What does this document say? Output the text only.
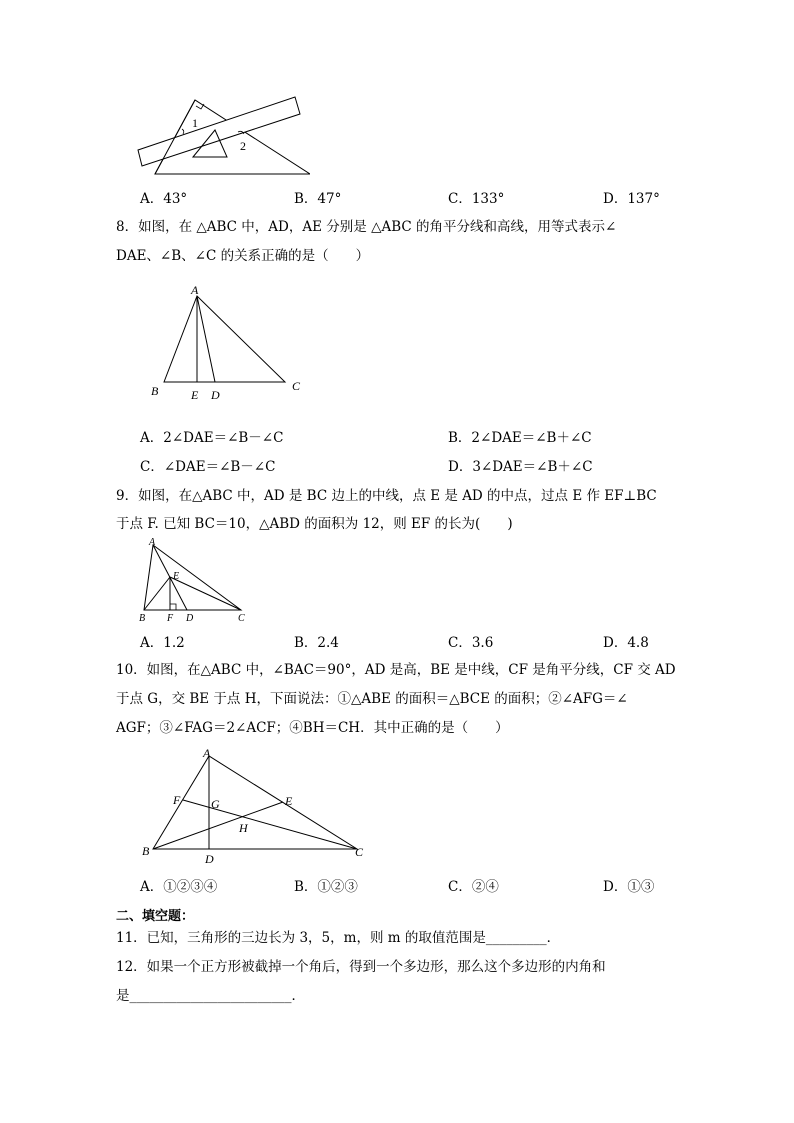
1
2
A．43°	B．47°	C．133°	D．137°
8．如图，在 △ABC 中，AD，AE 分别是 △ABC 的角平分线和高线，用等式表示∠
DAE、∠B、∠C 的关系正确的是（　　）
A
B	E D
C
A．2∠DAE＝∠B－∠C	B．2∠DAE＝∠B＋∠C
C．∠DAE＝∠B－∠C	D．3∠DAE＝∠B＋∠C
9．如图，在△ABC 中，AD 是 BC 边上的中线，点 E 是 AD 的中点，过点 E 作 EF⊥BC
于点 F. 已知 BC＝10，△ABD 的面积为 12，则 EF 的长为(　　)
A
E
B F D	C
A．1.2	B．2.4	C．3.6	D．4.8
10．如图，在△ABC 中，∠BAC＝90°，AD 是高，BE 是中线，CF 是角平分线，CF 交 AD
于点 G，交 BE 于点 H，下面说法：①△ABE 的面积＝△BCE 的面积；②∠AFG＝∠
AGF；③∠FAG＝2∠ACF；④BH＝CH．其中正确的是（　　）
A
F	G	E
H
B
D	C
A．①②③④	B．①②③	C．②④	D．①③
二、填空题：
11．已知，三角形的三边长为 3，5，m，则 m 的取值范围是_________．
12．如果一个正方形被截掉一个角后，得到一个多边形，那么这个多边形的内角和
是________________________．
